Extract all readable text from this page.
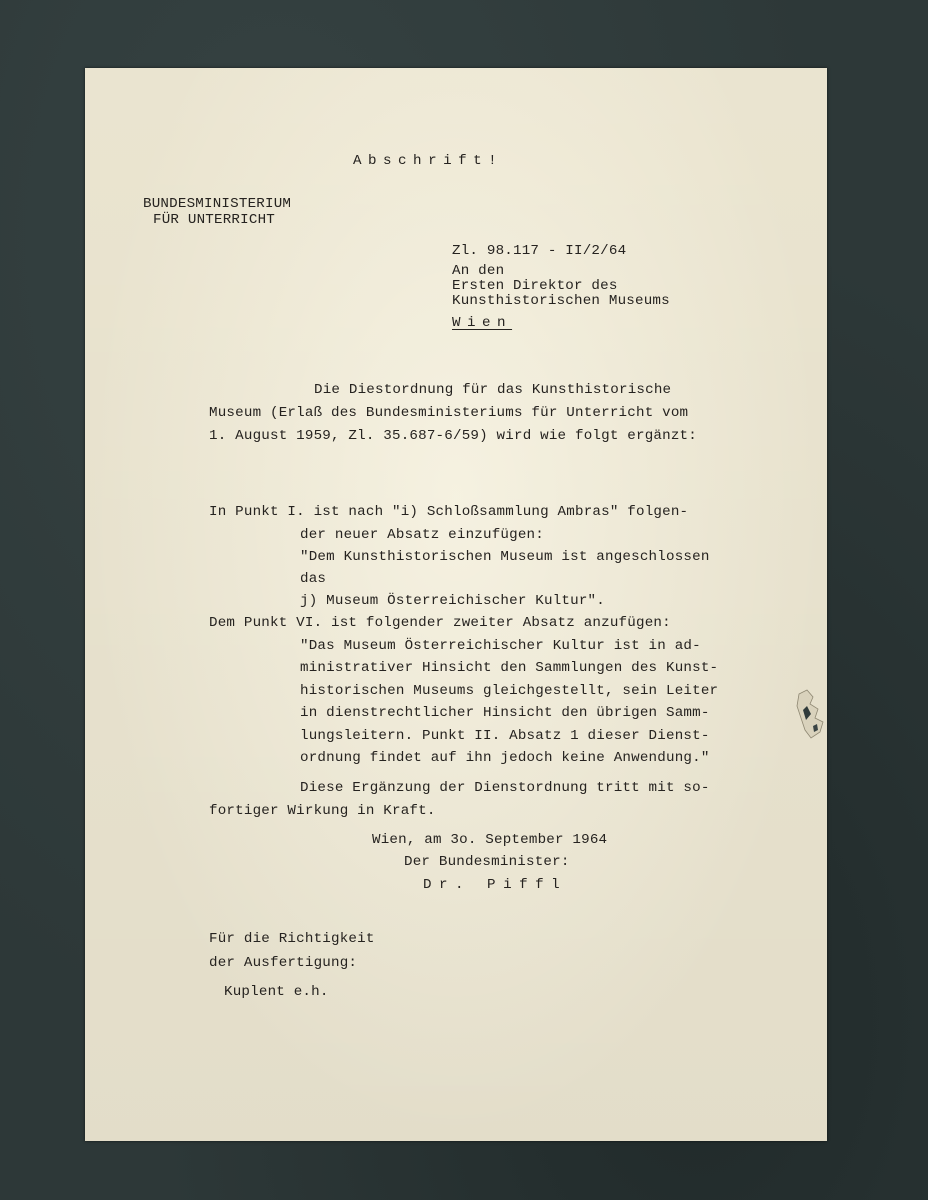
Abschrift!
BUNDESMINISTERIUM
FÜR UNTERRICHT
Zl. 98.117 - II/2/64
An den
Ersten Direktor des
Kunsthistorischen Museums
Wien
Die Diestordnung für das Kunsthistorische
Museum (Erlaß des Bundesministeriums für Unterricht vom
1. August 1959, Zl. 35.687-6/59) wird wie folgt ergänzt:
In Punkt I. ist nach "i) Schloßsammlung Ambras" folgen-
der neuer Absatz einzufügen:
"Dem Kunsthistorischen Museum ist angeschlossen
das
j) Museum Österreichischer Kultur".
Dem Punkt VI. ist folgender zweiter Absatz anzufügen:
"Das Museum Österreichischer Kultur ist in ad-
ministrativer Hinsicht den Sammlungen des Kunst-
historischen Museums gleichgestellt, sein Leiter
in dienstrechtlicher Hinsicht den übrigen Samm-
lungsleitern. Punkt II. Absatz 1 dieser Dienst-
ordnung findet auf ihn jedoch keine Anwendung."
Diese Ergänzung der Dienstordnung tritt mit so-
fortiger Wirkung in Kraft.
Wien, am 3o. September 1964
Der Bundesminister:
Dr. Piffl
Für die Richtigkeit
der Ausfertigung:
Kuplent e.h.
